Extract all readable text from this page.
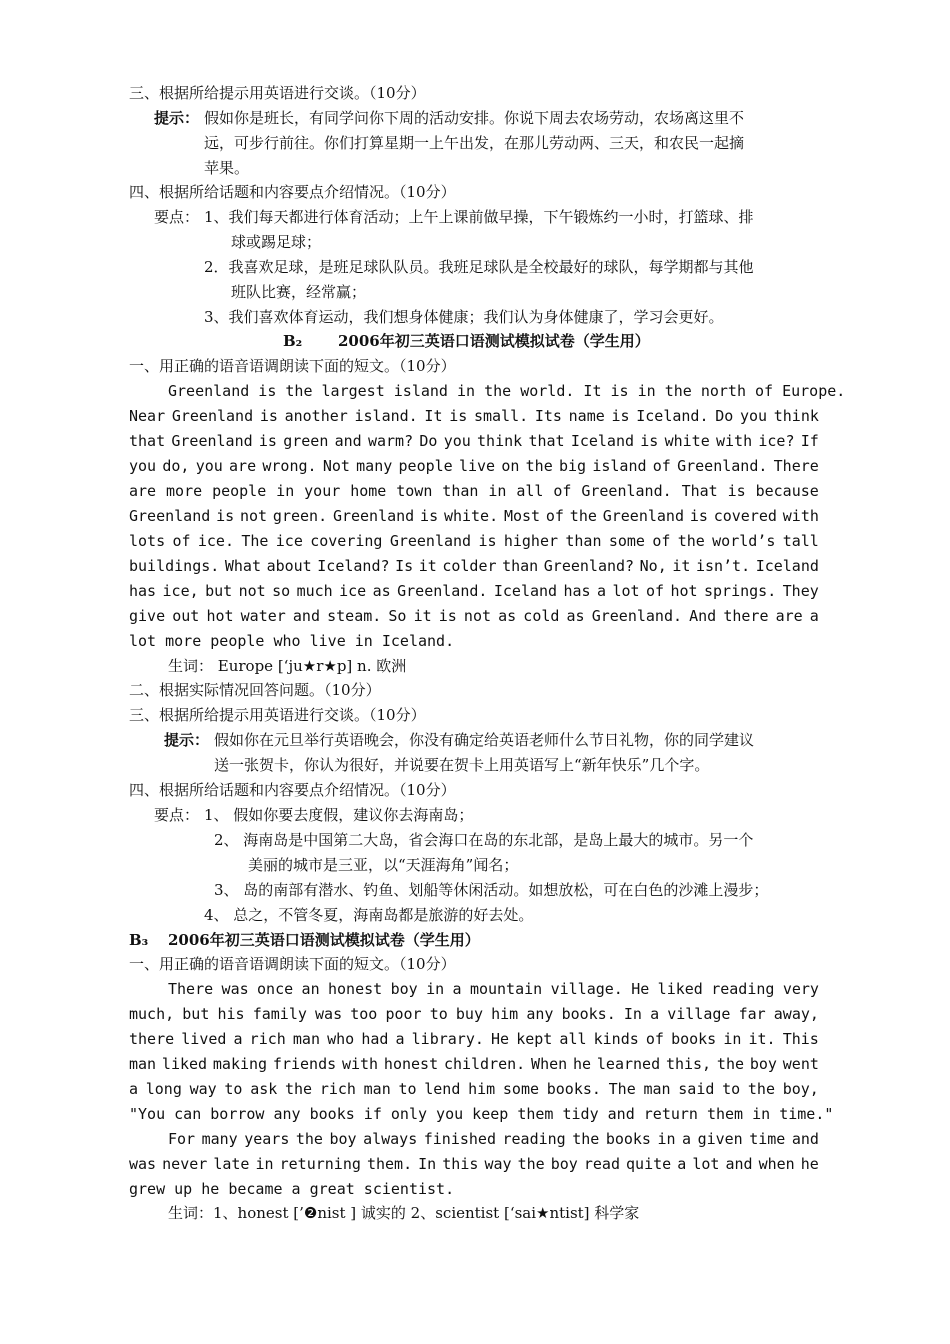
三、根据所给提示用英语进行交谈。（10分）
提示： 假如你是班长，有同学问你下周的活动安排。你说下周去农场劳动，农场离这里不
远，可步行前往。你们打算星期一上午出发，在那儿劳动两、三天，和农民一起摘
苹果。
四、根据所给话题和内容要点介绍情况。（10分）
要点： 1、我们每天都进行体育活动；上午上课前做早操，下午锻炼约一小时，打篮球、排
球或踢足球；
2．我喜欢足球，是班足球队队员。我班足球队是全校最好的球队，每学期都与其他
班队比赛，经常赢；
3、我们喜欢体育运动，我们想身体健康；我们认为身体健康了，学习会更好。
B₂ 2006年初三英语口语测试模拟试卷（学生用）
一、用正确的语音语调朗读下面的短文。（10分）
Greenland is the largest island in the world. It is in the north of Europe.
Near Greenland is another island. It is small. Its name is Iceland. Do you think
that Greenland is green and warm? Do you think that Iceland is white with ice? If
you do, you are wrong. Not many people live on the big island of Greenland. There
are more people in your home town than in all of Greenland. That is because
Greenland is not green. Greenland is white. Most of the Greenland is covered with
lots of ice. The ice covering Greenland is higher than some of the world’s tall
buildings. What about Iceland? Is it colder than Greenland? No, it isn’t. Iceland
has ice, but not so much ice as Greenland. Iceland has a lot of hot springs. They
give out hot water and steam. So it is not as cold as Greenland. And there are a
lot more people who live in Iceland.
生词： Europe [‘ju★r★p] n. 欧洲
二、根据实际情况回答问题。（10分）
三、根据所给提示用英语进行交谈。（10分）
提示： 假如你在元旦举行英语晚会，你没有确定给英语老师什么节日礼物，你的同学建议
送一张贺卡，你认为很好，并说要在贺卡上用英语写上“新年快乐”几个字。
四、根据所给话题和内容要点介绍情况。（10分）
要点： 1、 假如你要去度假，建议你去海南岛；
2、 海南岛是中国第二大岛，省会海口在岛的东北部，是岛上最大的城市。另一个
美丽的城市是三亚，以“天涯海角”闻名；
3、 岛的南部有潜水、钓鱼、划船等休闲活动。如想放松，可在白色的沙滩上漫步；
4、 总之，不管冬夏，海南岛都是旅游的好去处。
B₃ 2006年初三英语口语测试模拟试卷（学生用）
一、用正确的语音语调朗读下面的短文。（10分）
There was once an honest boy in a mountain village. He liked reading very
much, but his family was too poor to buy him any books. In a village far away,
there lived a rich man who had a library. He kept all kinds of books in it. This
man liked making friends with honest children. When he learned this, the boy went
a long way to ask the rich man to lend him some books. The man said to the boy,
"You can borrow any books if only you keep them tidy and return them in time."
For many years the boy always finished reading the books in a given time and
was never late in returning them. In this way the boy read quite a lot and when he
grew up he became a great scientist.
生词：1、honest [’❷nist ] 诚实的 2、scientist [‘sai★ntist] 科学家
